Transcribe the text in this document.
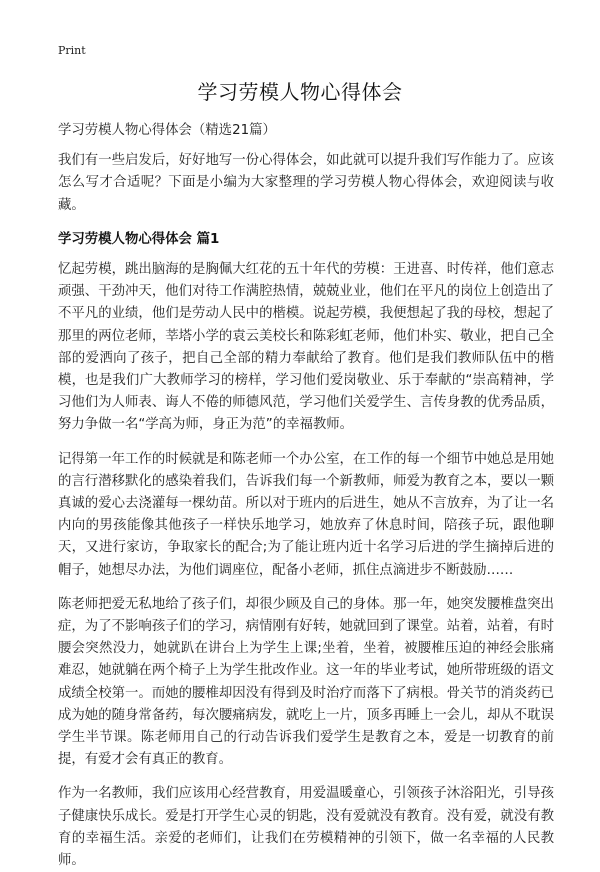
Print
学习劳模人物心得体会

学习劳模人物心得体会（精选21篇）

我们有一些启发后，好好地写一份心得体会，如此就可以提升我们写作能力了。应该怎么写才合适呢？下面是小编为大家整理的学习劳模人物心得体会，欢迎阅读与收藏。

学习劳模人物心得体会 篇1

忆起劳模，跳出脑海的是胸佩大红花的五十年代的劳模：王进喜、时传祥，他们意志顽强、干劲冲天，他们对待工作满腔热情，兢兢业业，他们在平凡的岗位上创造出了不平凡的业绩，他们是劳动人民中的楷模。说起劳模，我便想起了我的母校，想起了那里的两位老师，莘塔小学的袁云美校长和陈彩虹老师，他们朴实、敬业，把自己全部的爱洒向了孩子，把自己全部的精力奉献给了教育。他们是我们教师队伍中的楷模，也是我们广大教师学习的榜样，学习他们爱岗敬业、乐于奉献的“崇高精神，学习他们为人师表、诲人不倦的师德风范，学习他们关爱学生、言传身教的优秀品质，努力争做一名“学高为师，身正为范”的幸福教师。

记得第一年工作的时候就是和陈老师一个办公室，在工作的每一个细节中她总是用她的言行潜移默化的感染着我们，告诉我们每一个新教师，师爱为教育之本，要以一颗真诚的爱心去浇灌每一棵幼苗。所以对于班内的后进生，她从不言放弃，为了让一名内向的男孩能像其他孩子一样快乐地学习，她放弃了休息时间，陪孩子玩，跟他聊天，又进行家访，争取家长的配合;为了能让班内近十名学习后进的学生摘掉后进的帽子，她想尽办法，为他们调座位，配备小老师，抓住点滴进步不断鼓励……

陈老师把爱无私地给了孩子们，却很少顾及自己的身体。那一年，她突发腰椎盘突出症，为了不影响孩子们的学习，病情刚有好转，她就回到了课堂。站着，站着，有时腰会突然没力，她就趴在讲台上为学生上课;坐着，坐着，被腰椎压迫的神经会胀痛难忍，她就躺在两个椅子上为学生批改作业。这一年的毕业考试，她所带班级的语文成绩全校第一。而她的腰椎却因没有得到及时治疗而落下了病根。骨关节的消炎药已成为她的随身常备药，每次腰痛病发，就吃上一片，顶多再睡上一会儿，却从不耽误学生半节课。陈老师用自己的行动告诉我们爱学生是教育之本，爱是一切教育的前提，有爱才会有真正的教育。

作为一名教师，我们应该用心经营教育，用爱温暖童心，引领孩子沐浴阳光，引导孩子健康快乐成长。爱是打开学生心灵的钥匙，没有爱就没有教育。没有爱，就没有教育的幸福生活。亲爱的老师们，让我们在劳模精神的引领下，做一名幸福的人民教师。
